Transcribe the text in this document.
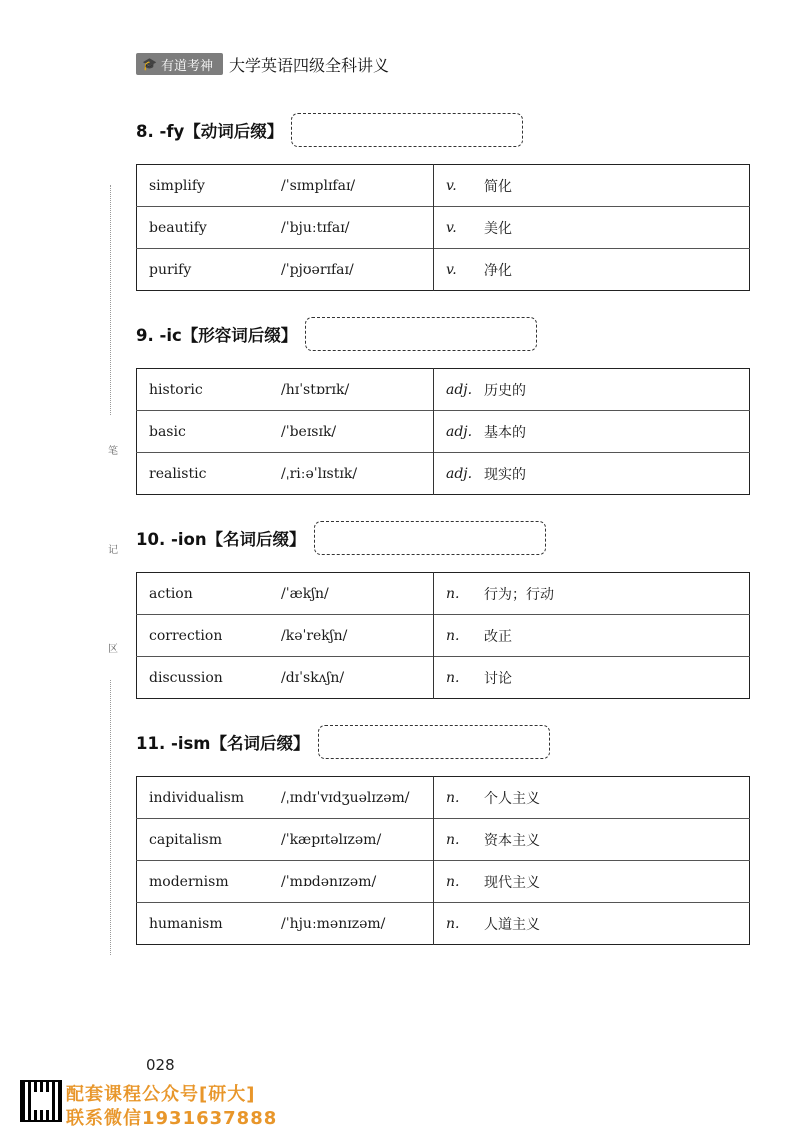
🎓 有道考神 大学英语四级全科讲义
笔
记
区
8. -fy【动词后缀】
simplify	/ˈsɪmplɪfaɪ/	v.	简化
beautify	/ˈbjuːtɪfaɪ/	v.	美化
purify	/ˈpjʊərɪfaɪ/	v.	净化
9. -ic【形容词后缀】
historic	/hɪˈstɒrɪk/	adj.	历史的
basic	/ˈbeɪsɪk/	adj.	基本的
realistic	/ˌriːəˈlɪstɪk/	adj.	现实的
10. -ion【名词后缀】
action	/ˈækʃn/	n.	行为；行动
correction	/kəˈrekʃn/	n.	改正
discussion	/dɪˈskʌʃn/	n.	讨论
11. -ism【名词后缀】
individualism	/ˌɪndɪˈvɪdʒuəlɪzəm/	n.	个人主义
capitalism	/ˈkæpɪtəlɪzəm/	n.	资本主义
modernism	/ˈmɒdənɪzəm/	n.	现代主义
humanism	/ˈhjuːmənɪzəm/	n.	人道主义
028
配套课程公众号[研大]
联系微信1931637888
